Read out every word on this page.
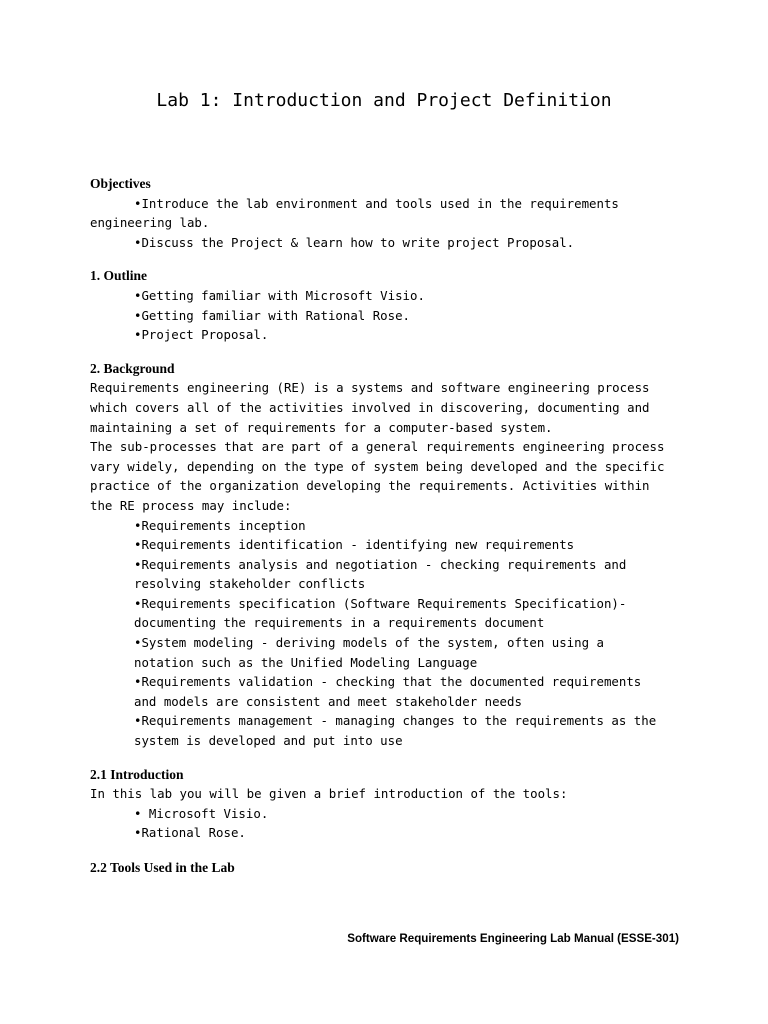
Lab 1: Introduction and Project Definition
Objectives
•Introduce the lab environment and tools used in the requirements
engineering lab.
•Discuss the Project & learn how to write project Proposal.
1. Outline
•Getting familiar with Microsoft Visio.
•Getting familiar with Rational Rose.
•Project Proposal.
2. Background
Requirements engineering (RE) is a systems and software engineering process
which covers all of the activities involved in discovering, documenting and
maintaining a set of requirements for a computer-based system.
The sub-processes that are part of a general requirements engineering process
vary widely, depending on the type of system being developed and the specific
practice of the organization developing the requirements. Activities within
the RE process may include:
•Requirements inception
•Requirements identification - identifying new requirements
•Requirements analysis and negotiation - checking requirements and
resolving stakeholder conflicts
•Requirements specification (Software Requirements Specification)-
documenting the requirements in a requirements document
•System modeling - deriving models of the system, often using a
notation such as the Unified Modeling Language
•Requirements validation - checking that the documented requirements
and models are consistent and meet stakeholder needs
•Requirements management - managing changes to the requirements as the
system is developed and put into use
2.1 Introduction
In this lab you will be given a brief introduction of the tools:
• Microsoft Visio.
•Rational Rose.
2.2 Tools Used in the Lab
Software Requirements Engineering Lab Manual (ESSE-301)
